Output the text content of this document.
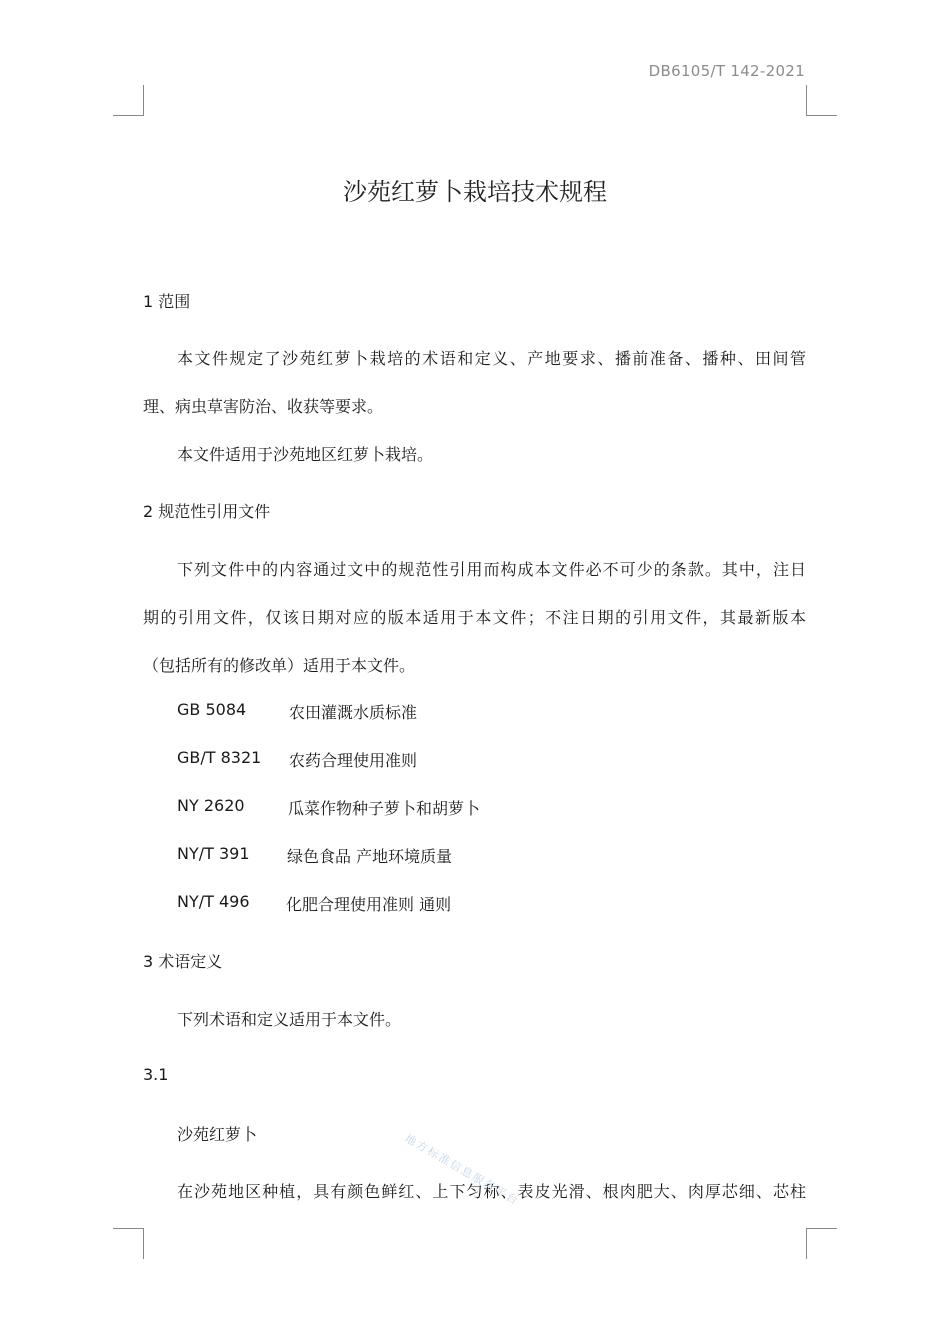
DB6105/T 142-2021
沙苑红萝卜栽培技术规程
1 范围
本文件规定了沙苑红萝卜栽培的术语和定义、产地要求、播前准备、播种、田间管
理、病虫草害防治、收获等要求。
本文件适用于沙苑地区红萝卜栽培。
2 规范性引用文件
下列文件中的内容通过文中的规范性引用而构成本文件必不可少的条款。其中，注日
期的引用文件，仅该日期对应的版本适用于本文件；不注日期的引用文件，其最新版本
（包括所有的修改单）适用于本文件。
GB 5084	农田灌溉水质标准
GB/T 8321 农药合理使用准则
NY 2620	瓜菜作物种子萝卜和胡萝卜
NY/T 391 绿色食品 产地环境质量
NY/T 496 化肥合理使用准则 通则
3 术语定义
下列术语和定义适用于本文件。
3.1
沙苑红萝卜
在沙苑地区种植，具有颜色鲜红、上下匀称、表皮光滑、根肉肥大、肉厚芯细、芯柱
地方标准信息服务平台
